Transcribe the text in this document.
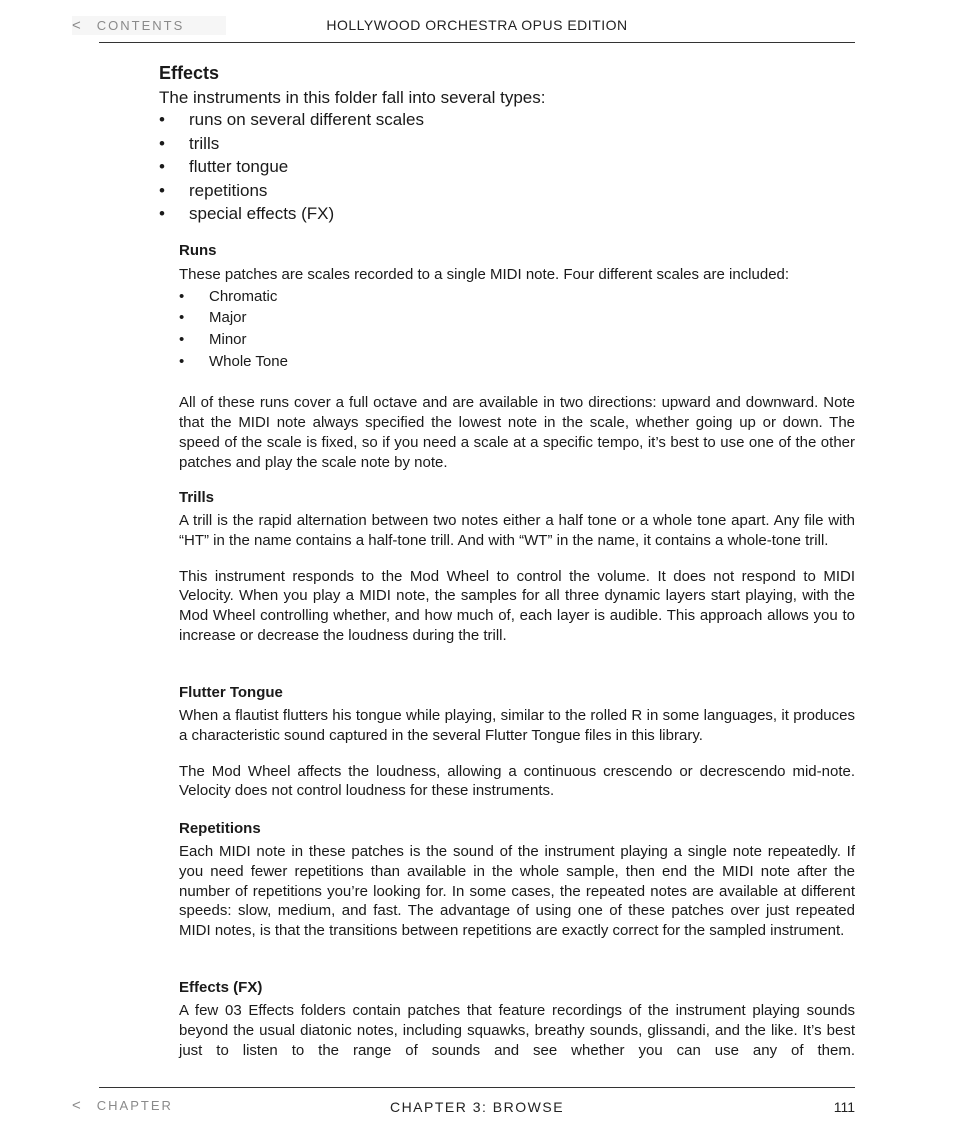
< CONTENTS	HOLLYWOOD ORCHESTRA OPUS EDITION
Effects

The instruments in this folder fall into several types:

• runs on several different scales
• trills
• flutter tongue
• repetitions
• special effects (FX)
Runs

These patches are scales recorded to a single MIDI note. Four different scales are included:

• Chromatic
• Major
• Minor
• Whole Tone

All of these runs cover a full octave and are available in two directions: upward and downward. Note that the MIDI note always specified the lowest note in the scale, whether going up or down. The speed of the scale is fixed, so if you need a scale at a specific tempo, it’s best to use one of the other patches and play the scale note by note.

Trills

A trill is the rapid alternation between two notes either a half tone or a whole tone apart. Any file with “HT” in the name contains a half-tone trill. And with “WT” in the name, it contains a whole-tone trill.

This instrument responds to the Mod Wheel to control the volume. It does not respond to MIDI Velocity. When you play a MIDI note, the samples for all three dynamic layers start playing, with the Mod Wheel controlling whether, and how much of, each layer is audible. This approach allows you to increase or decrease the loudness during the trill.

Flutter Tongue

When a flautist flutters his tongue while playing, similar to the rolled R in some languages, it produces a characteristic sound captured in the several Flutter Tongue files in this library.

The Mod Wheel affects the loudness, allowing a continuous crescendo or decrescendo mid-note. Velocity does not control loudness for these instruments.

Repetitions

Each MIDI note in these patches is the sound of the instrument playing a single note repeatedly. If you need fewer repetitions than available in the whole sample, then end the MIDI note after the number of repetitions you’re looking for. In some cases, the repeated notes are available at different speeds: slow, medium, and fast. The advantage of using one of these patches over just repeated MIDI notes, is that the transitions between repetitions are exactly correct for the sampled instrument.

Effects (FX)

A few 03 Effects folders contain patches that feature recordings of the instrument playing sounds beyond the usual diatonic notes, including squawks, breathy sounds, glissandi, and the like. It’s best just to listen to the range of sounds and see whether you can use any of them.

< CHAPTER	CHAPTER 3: BROWSE	111
